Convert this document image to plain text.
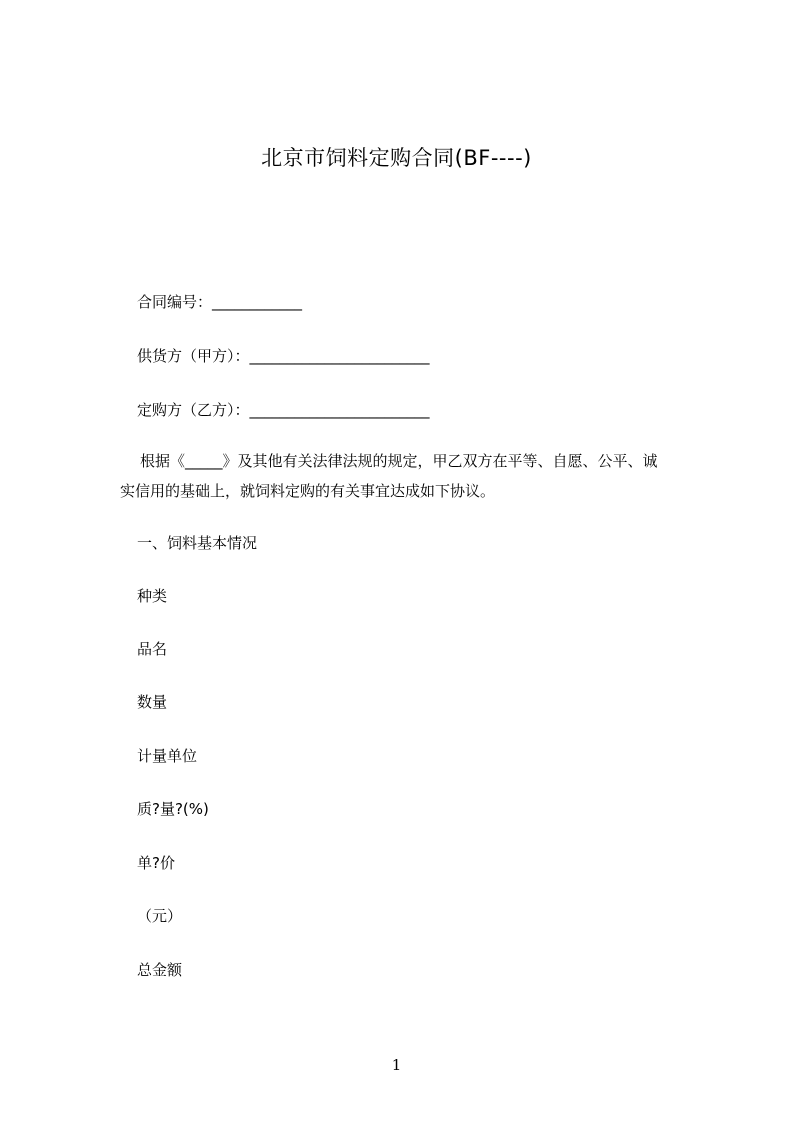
北京市饲料定购合同(BF----)
合同编号：____________
供货方（甲方）：________________________
定购方（乙方）：________________________
根据《_____》及其他有关法律法规的规定，甲乙双方在平等、自愿、公平、诚
实信用的基础上，就饲料定购的有关事宜达成如下协议。
一、饲料基本情况
种类
品名
数量
计量单位
质?量?(%)
单?价
（元）
总金额
1
